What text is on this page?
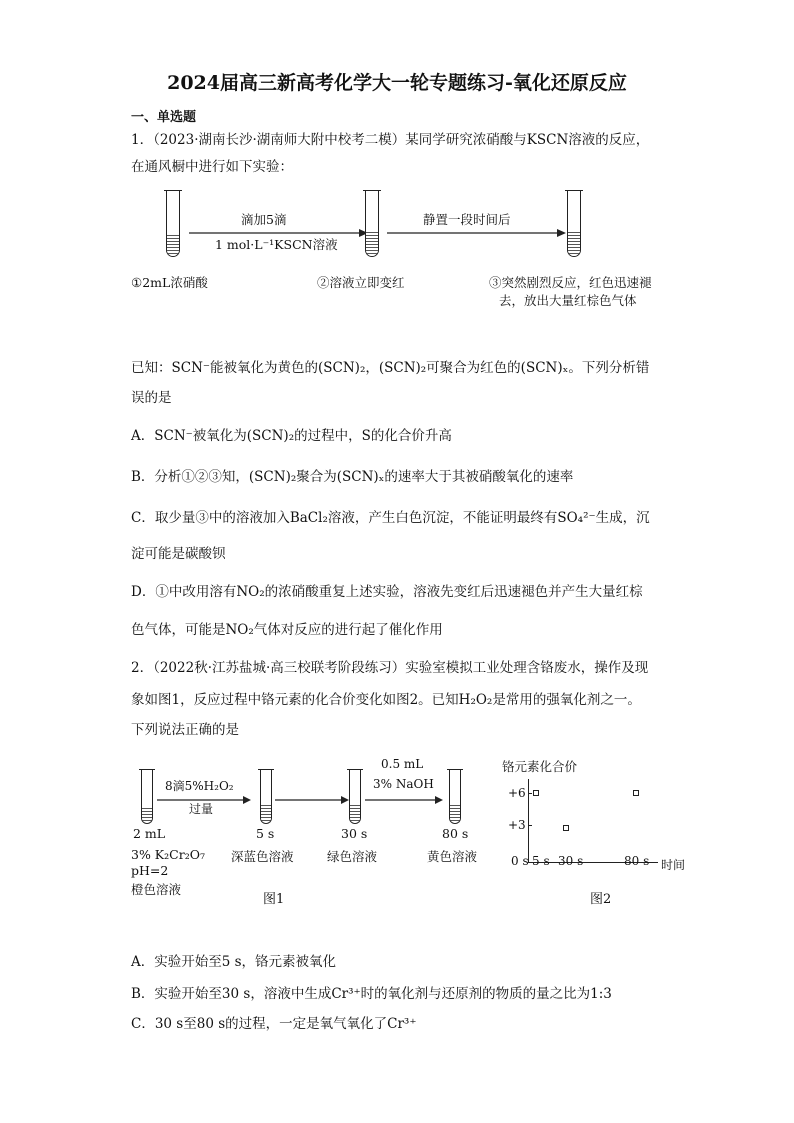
2024届高三新高考化学大一轮专题练习-氧化还原反应
一、单选题
1．（2023·湖南长沙·湖南师大附中校考二模）某同学研究浓硝酸与KSCN溶液的反应，
在通风橱中进行如下实验：
滴加5滴
1 mol·L⁻¹KSCN溶液
静置一段时间后
①2mL浓硝酸	②溶液立即变红	③突然剧烈反应，红色迅速褪
去，放出大量红棕色气体
已知：SCN⁻能被氧化为黄色的(SCN)₂，(SCN)₂可聚合为红色的(SCN)ₓ。下列分析错
误的是
A．SCN⁻被氧化为(SCN)₂的过程中，S的化合价升高
B．分析①②③知，(SCN)₂聚合为(SCN)ₓ的速率大于其被硝酸氧化的速率
C．取少量③中的溶液加入BaCl₂溶液，产生白色沉淀，不能证明最终有SO₄²⁻生成，沉
淀可能是碳酸钡
D．①中改用溶有NO₂的浓硝酸重复上述实验，溶液先变红后迅速褪色并产生大量红棕
色气体，可能是NO₂气体对反应的进行起了催化作用
2．（2022秋·江苏盐城·高三校联考阶段练习）实验室模拟工业处理含铬废水，操作及现
象如图1，反应过程中铬元素的化合价变化如图2。已知H₂O₂是常用的强氧化剂之一。
下列说法正确的是
8滴5%H₂O₂
过量
0.5 mL
3% NaOH
2 mL	5 s	30 s	80 s
3% K₂Cr₂O₇
pH=2
橙色溶液
深蓝色溶液	绿色溶液	黄色溶液
图1
铬元素化合价
+6
+3
0 s 5 s 30 s	80 s 时间
图2
A．实验开始至5 s，铬元素被氧化
B．实验开始至30 s，溶液中生成Cr³⁺时的氧化剂与还原剂的物质的量之比为1:3
C．30 s至80 s的过程，一定是氧气氧化了Cr³⁺
